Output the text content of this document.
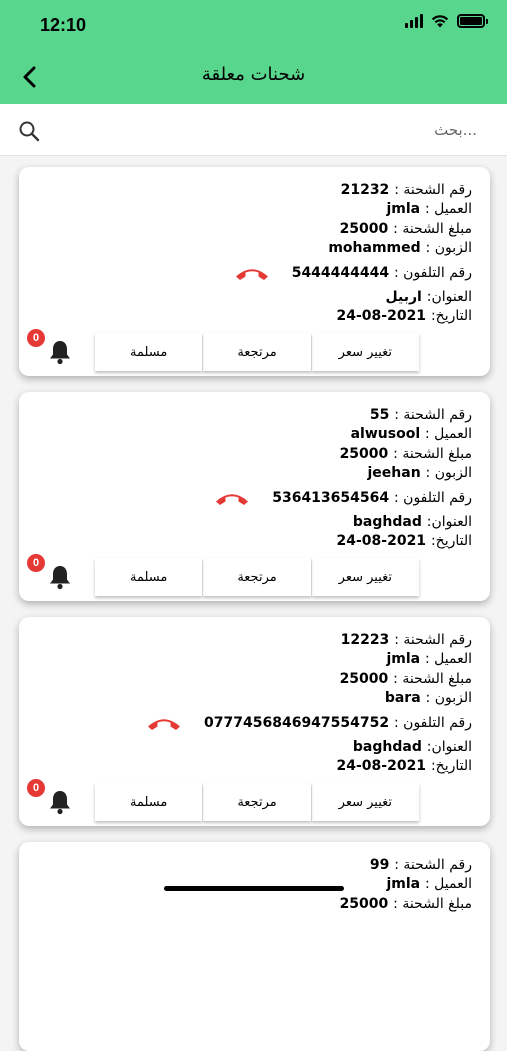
12:10
شحنات معلقة
...بحث
رقم الشحنة : 21232
العميل : jmla
مبلغ الشحنة : 25000
الزبون : mohammed
رقم التلفون :

5444444444
العنوان: اربيل
التاريخ: 24-08-2021
0
تغيير سعر
مرتجعة
مسلمة
رقم الشحنة : 55
العميل : alwusool
مبلغ الشحنة : 25000
الزبون : jeehan
رقم التلفون :

536413654564
العنوان: baghdad
التاريخ: 24-08-2021
0
تغيير سعر
مرتجعة
مسلمة
رقم الشحنة : 12223
العميل : jmla
مبلغ الشحنة : 25000
الزبون : bara
رقم التلفون :

0777456846947554752
العنوان: baghdad
التاريخ: 24-08-2021
0
تغيير سعر
مرتجعة
مسلمة
رقم الشحنة : 99
العميل : jmla
مبلغ الشحنة : 25000
